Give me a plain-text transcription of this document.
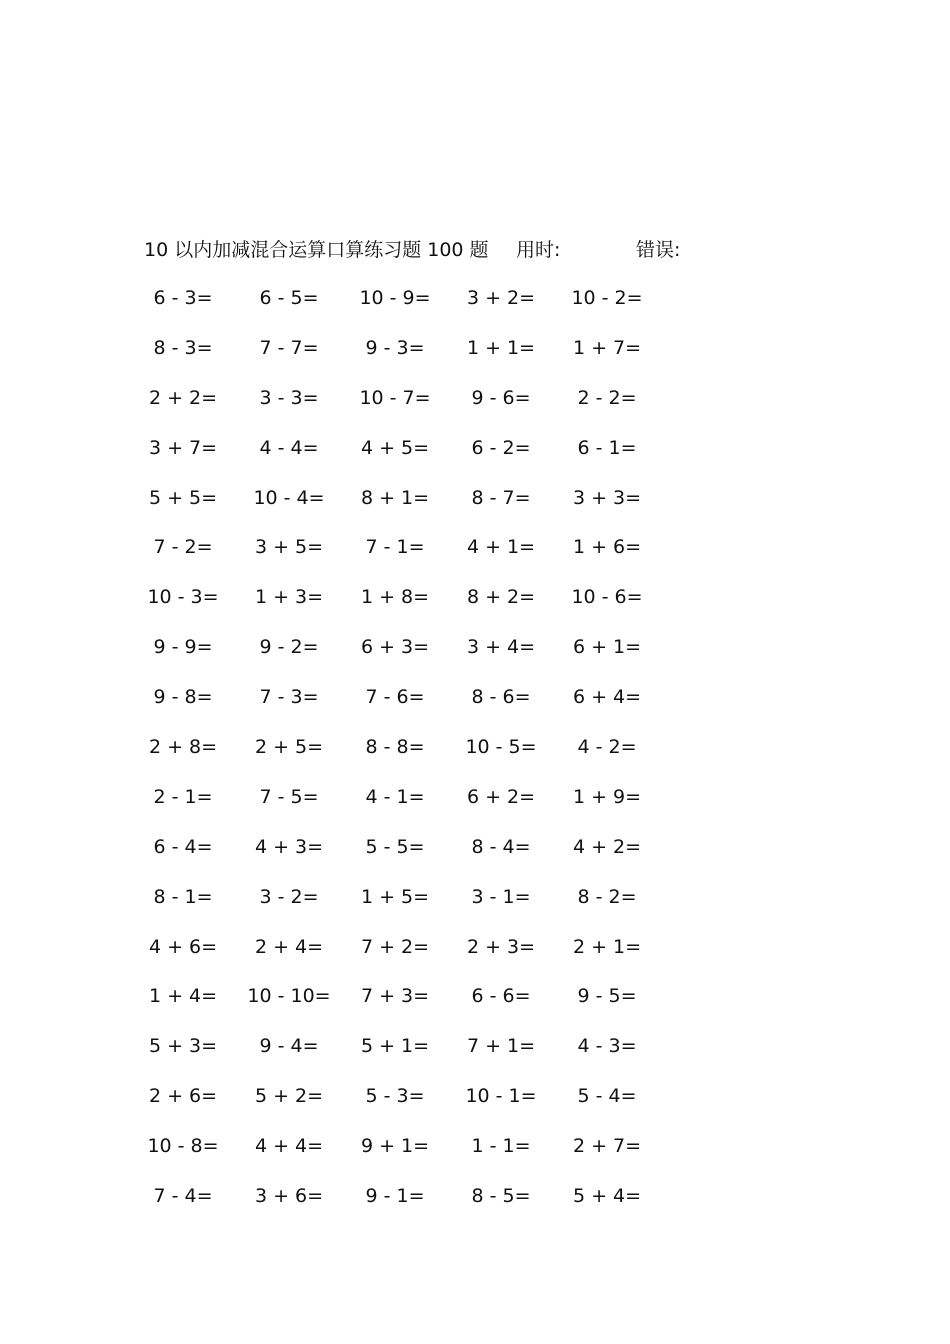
10 以内加减混合运算口算练习题 100 题 用时:	错误:
6 - 3=	6 - 5=	10 - 9=	3 + 2=	10 - 2=
8 - 3=	7 - 7=	9 - 3=	1 + 1=	1 + 7=
2 + 2=	3 - 3=	10 - 7=	9 - 6=	2 - 2=
3 + 7=	4 - 4=	4 + 5=	6 - 2=	6 - 1=
5 + 5=	10 - 4=	8 + 1=	8 - 7=	3 + 3=
7 - 2=	3 + 5=	7 - 1=	4 + 1=	1 + 6=
10 - 3=	1 + 3=	1 + 8=	8 + 2=	10 - 6=
9 - 9=	9 - 2=	6 + 3=	3 + 4=	6 + 1=
9 - 8=	7 - 3=	7 - 6=	8 - 6=	6 + 4=
2 + 8=	2 + 5=	8 - 8=	10 - 5=	4 - 2=
2 - 1=	7 - 5=	4 - 1=	6 + 2=	1 + 9=
6 - 4=	4 + 3=	5 - 5=	8 - 4=	4 + 2=
8 - 1=	3 - 2=	1 + 5=	3 - 1=	8 - 2=
4 + 6=	2 + 4=	7 + 2=	2 + 3=	2 + 1=
1 + 4=	10 - 10=	7 + 3=	6 - 6=	9 - 5=
5 + 3=	9 - 4=	5 + 1=	7 + 1=	4 - 3=
2 + 6=	5 + 2=	5 - 3=	10 - 1=	5 - 4=
10 - 8=	4 + 4=	9 + 1=	1 - 1=	2 + 7=
7 - 4=	3 + 6=	9 - 1=	8 - 5=	5 + 4=
